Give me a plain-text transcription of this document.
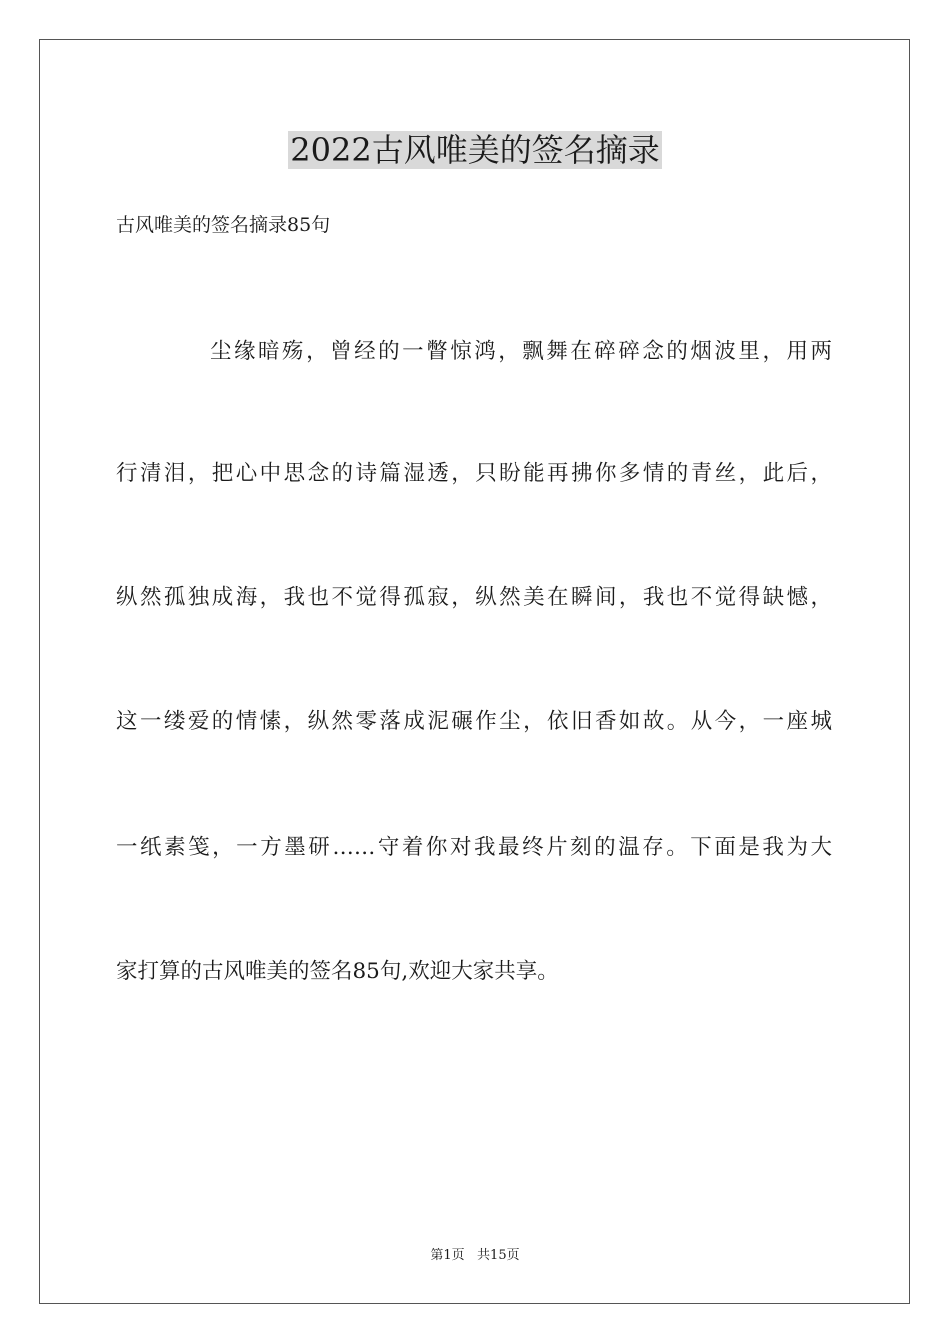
2022古风唯美的签名摘录
古风唯美的签名摘录85句
尘缘暗殇，曾经的一瞥惊鸿，飘舞在碎碎念的烟波里，用两
行清泪，把心中思念的诗篇湿透，只盼能再拂你多情的青丝，此后，
纵然孤独成海，我也不觉得孤寂，纵然美在瞬间，我也不觉得缺憾，
这一缕爱的情愫，纵然零落成泥碾作尘，依旧香如故。从今，一座城
一纸素笺，一方墨研……守着你对我最终片刻的温存。下面是我为大
家打算的古风唯美的签名85句,欢迎大家共享。
第1页   共15页
